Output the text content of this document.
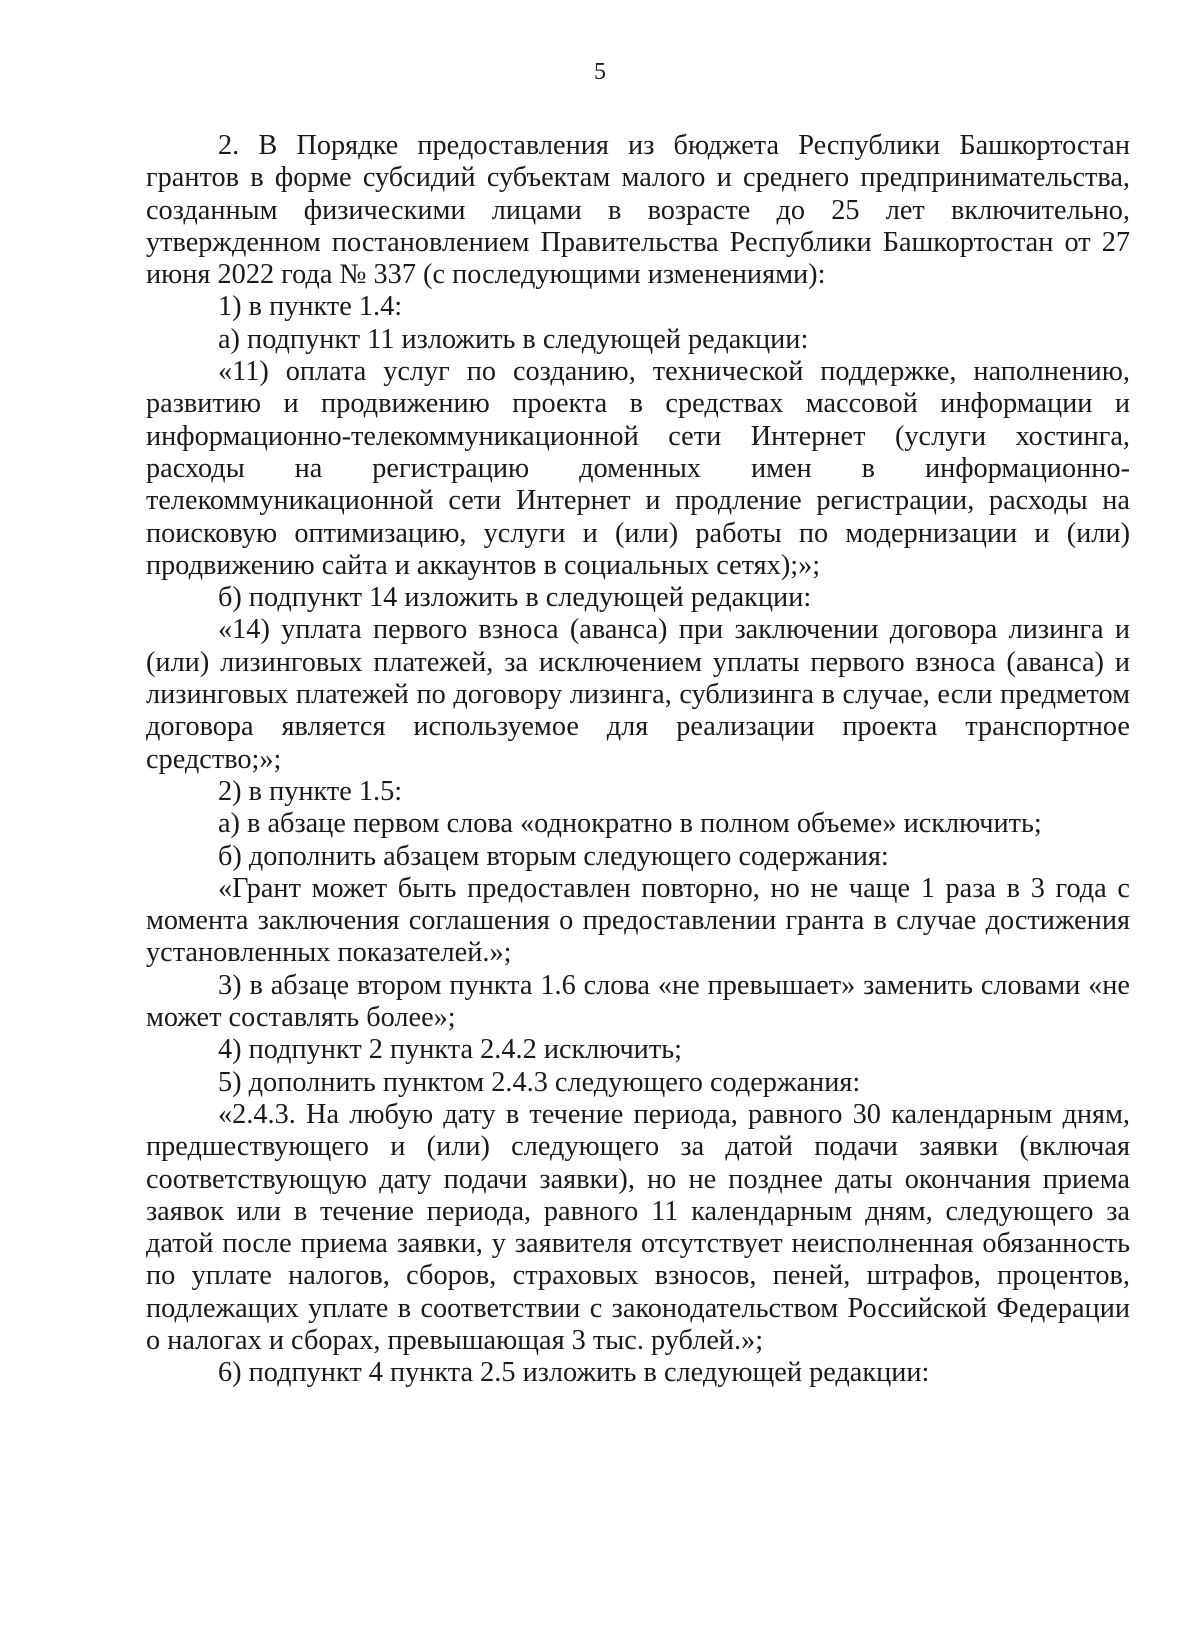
5

2. В Порядке предоставления из бюджета Республики Башкортостан грантов в форме субсидий субъектам малого и среднего предпринимательства, созданным физическими лицами в возрасте до 25 лет включительно, утвержденном постановлением Правительства Республики Башкортостан от 27 июня 2022 года № 337 (с последующими изменениями):

1) в пункте 1.4:

а) подпункт 11 изложить в следующей редакции:

«11) оплата услуг по созданию, технической поддержке, наполнению, развитию и продвижению проекта в средствах массовой информации и информационно-телекоммуникационной сети Интернет (услуги хостинга, расходы на регистрацию доменных имен в информационно-телекоммуникационной сети Интернет и продление регистрации, расходы на поисковую оптимизацию, услуги и (или) работы по модернизации и (или) продвижению сайта и аккаунтов в социальных сетях);»;

б) подпункт 14 изложить в следующей редакции:

«14) уплата первого взноса (аванса) при заключении договора лизинга и (или) лизинговых платежей, за исключением уплаты первого взноса (аванса) и лизинговых платежей по договору лизинга, сублизинга в случае, если предметом договора является используемое для реализации проекта транспортное средство;»;

2) в пункте 1.5:

а) в абзаце первом слова «однократно в полном объеме» исключить;

б) дополнить абзацем вторым следующего содержания:

«Грант может быть предоставлен повторно, но не чаще 1 раза в 3 года с момента заключения соглашения о предоставлении гранта в случае достижения установленных показателей.»;

3) в абзаце втором пункта 1.6 слова «не превышает» заменить словами «не может составлять более»;

4) подпункт 2 пункта 2.4.2 исключить;

5) дополнить пунктом 2.4.3 следующего содержания:

«2.4.3. На любую дату в течение периода, равного 30 календарным дням, предшествующего и (или) следующего за датой подачи заявки (включая соответствующую дату подачи заявки), но не позднее даты окончания приема заявок или в течение периода, равного 11 календарным дням, следующего за датой после приема заявки, у заявителя отсутствует неисполненная обязанность по уплате налогов, сборов, страховых взносов, пеней, штрафов, процентов, подлежащих уплате в соответствии с законодательством Российской Федерации о налогах и сборах, превышающая 3 тыс. рублей.»;

6) подпункт 4 пункта 2.5 изложить в следующей редакции:
